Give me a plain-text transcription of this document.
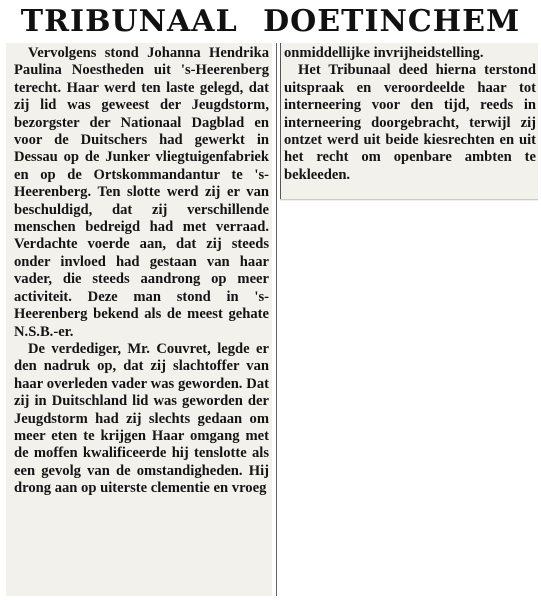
TRIBUNAAL DOETINCHEM

Vervolgens stond Johanna Hendrika Paulina Noestheden uit 's-Heerenberg terecht. Haar werd ten laste gelegd, dat zij lid was geweest der Jeugdstorm, bezorgster der Nationaal Dagblad en voor de Duitschers had gewerkt in Dessau op de Junker vliegtuigenfabriek en op de Ortskommandantur te 's-Heerenberg. Ten slotte werd zij er van beschuldigd, dat zij verschillende menschen bedreigd had met verraad. Verdachte voerde aan, dat zij steeds onder invloed had gestaan van haar vader, die steeds aandrong op meer activiteit. Deze man stond in 's-Heerenberg bekend als de meest gehate N.S.B.-er.

De verdediger, Mr. Couvret, legde er den nadruk op, dat zij slachtoffer van haar overleden vader was geworden. Dat zij in Duitschland lid was geworden der Jeugdstorm had zij slechts gedaan om meer eten te krijgen Haar omgang met de moffen kwalificeerde hij tenslotte als een gevolg van de omstandigheden. Hij drong aan op uiterste clementie en vroeg

onmiddellijke invrijheidstelling.

Het Tribunaal deed hierna terstond uitspraak en veroordeelde haar tot interneering voor den tijd, reeds in interneering doorgebracht, terwijl zij ontzet werd uit beide kiesrechten en uit het recht om openbare ambten te bekleeden.
